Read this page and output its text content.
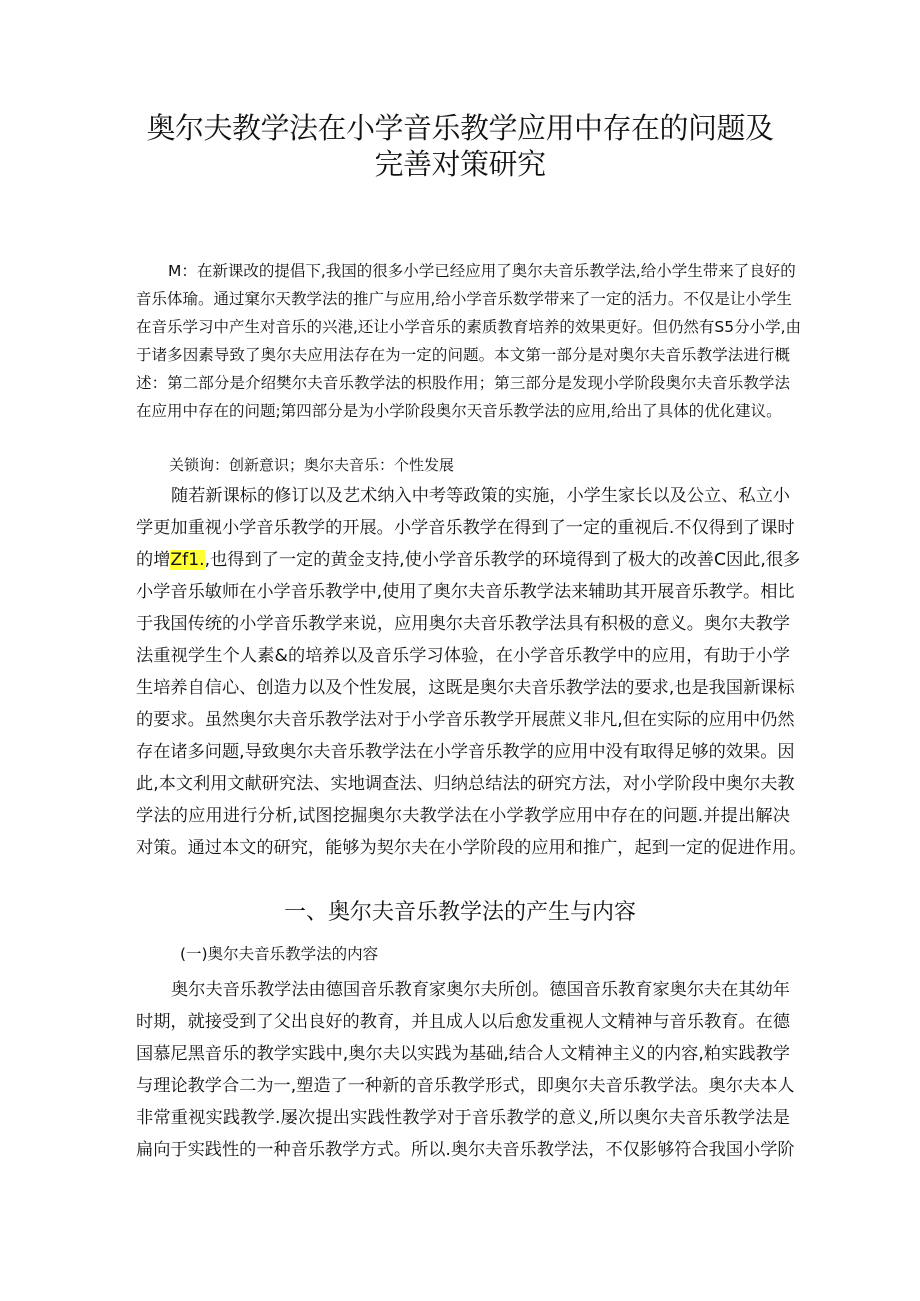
奥尔夫教学法在小学音乐教学应用中存在的问题及
完善对策研究
M：在新课改的提倡下,我国的很多小学已经应用了奥尔夫音乐教学法,给小学生带来了良好的
音乐体瑜。通过窠尔天教学法的推广与应用,给小学音乐数学带来了一定的活力。不仅是让小学生
在音乐学习中产生对音乐的兴港,还让小学音乐的素质教育培养的效果更好。但仍然有S5分小学,由
于诸多因素导致了奥尔夫应用法存在为一定的问题。本文第一部分是对奥尔夫音乐教学法进行概
述：第二部分是介绍樊尔夫音乐教学法的枳股作用；第三部分是发现小学阶段奥尔夫音乐教学法
在应用中存在的问题;第四部分是为小学阶段奥尔天音乐教学法的应用,给出了具体的优化建议。
关锁询：创新意识；奥尔夫音乐：个性发展
随若新课标的修订以及艺术纳入中考等政策的实施，小学生家长以及公立、私立小
学更加重视小学音乐教学的开展。小学音乐教学在得到了一定的重视后.不仅得到了课时
的增Zf1.,也得到了一定的黄金支持,使小学音乐教学的环境得到了极大的改善C因此,很多
小学音乐敏师在小学音乐教学中,使用了奥尔夫音乐教学法来辅助其开展音乐教学。相比
于我国传统的小学音乐教学来说，应用奥尔夫音乐教学法具有积极的意义。奥尔夫教学
法重视学生个人素&的培养以及音乐学习体验，在小学音乐教学中的应用，有助于小学
生培养自信心、创造力以及个性发展，这既是奥尔夫音乐教学法的要求,也是我国新课标
的要求。虽然奥尔夫音乐教学法对于小学音乐教学开展蔗义非凡,但在实际的应用中仍然
存在诸多问题,导致奥尔夫音乐教学法在小学音乐教学的应用中没有取得足够的效果。因
此,本文利用文献研究法、实地调查法、归纳总结法的研究方法，对小学阶段中奥尔夫教
学法的应用进行分析,试图挖掘奥尔夫教学法在小学教学应用中存在的问题.并提出解决
对策。通过本文的研究，能够为契尔夫在小学阶段的应用和推广，起到一定的促进作用。
一、奥尔夫音乐教学法的产生与内容
(一)奥尔夫音乐教学法的内容
奥尔夫音乐教学法由德国音乐教育家奥尔夫所创。德国音乐教育家奥尔夫在其幼年
时期，就接受到了父出良好的教育，并且成人以后愈发重视人文精神与音乐教育。在德
国慕尼黑音乐的教学实践中,奥尔夫以实践为基础,结合人文精神主义的内容,粕实践教学
与理论教学合二为一,塑造了一种新的音乐教学形式，即奥尔夫音乐教学法。奥尔夫本人
非常重视实践教学.屡次提出实践性教学对于音乐教学的意义,所以奥尔夫音乐教学法是
扁向于实践性的一种音乐教学方式。所以.奥尔夫音乐教学法，不仅影够符合我国小学阶
